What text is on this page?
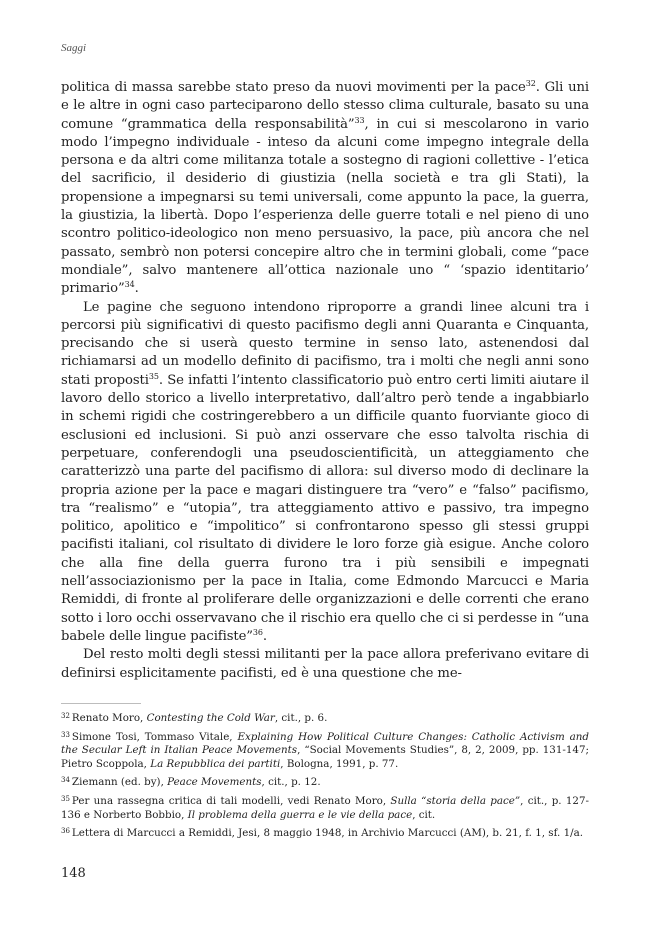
Saggi

politica di massa sarebbe stato preso da nuovi movimenti per la pace$^{32}$. Gli uni e le altre in ogni caso parteciparono dello stesso clima culturale, basato su una comune “grammatica della responsabilità”$^{33}$, in cui si mescolarono in vario modo l’impegno individuale - inteso da alcuni come impegno integrale della persona e da altri come militanza totale a sostegno di ragioni collettive - l’etica del sacrificio, il desiderio di giustizia (nella società e tra gli Stati), la propensione a impegnarsi su temi universali, come appunto la pace, la guerra, la giustizia, la libertà. Dopo l’esperienza delle guerre totali e nel pieno di uno scontro politico-ideologico non meno persuasivo, la pace, più ancora che nel passato, sembrò non potersi concepire altro che in termini globali, come “pace mondiale”, salvo mantenere all’ottica nazionale uno “ ‘spazio identitario’ primario”$^{34}$.

Le pagine che seguono intendono riproporre a grandi linee alcuni tra i percorsi più significativi di questo pacifismo degli anni Quaranta e Cinquanta, precisando che si userà questo termine in senso lato, astenendosi dal richiamarsi ad un modello definito di pacifismo, tra i molti che negli anni sono stati proposti$^{35}$. Se infatti l’intento classificatorio può entro certi limiti aiutare il lavoro dello storico a livello interpretativo, dall’altro però tende a ingabbiarlo in schemi rigidi che costringerebbero a un difficile quanto fuorviante gioco di esclusioni ed inclusioni. Si può anzi osservare che esso talvolta rischia di perpetuare, conferendogli una pseudoscientificità, un atteggiamento che caratterizzò una parte del pacifismo di allora: sul diverso modo di declinare la propria azione per la pace e magari distinguere tra “vero” e “falso” pacifismo, tra “realismo” e “utopia”, tra atteggiamento attivo e passivo, tra impegno politico, apolitico e “impolitico” si confrontarono spesso gli stessi gruppi pacifisti italiani, col risultato di dividere le loro forze già esigue. Anche coloro che alla fine della guerra furono tra i più sensibili e impegnati nell’associazionismo per la pace in Italia, come Edmondo Marcucci e Maria Remiddi, di fronte al proliferare delle organizzazioni e delle correnti che erano sotto i loro occhi osservavano che il rischio era quello che ci si perdesse in “una babele delle lingue pacifiste”$^{36}$.

Del resto molti degli stessi militanti per la pace allora preferivano evitare di definirsi esplicitamente pacifisti, ed è una questione che me-

$^{32}$ Renato Moro, Contesting the Cold War, cit., p. 6.
$^{33}$ Simone Tosi, Tommaso Vitale, Explaining How Political Culture Changes: Catholic Activism and the Secular Left in Italian Peace Movements, “Social Movements Studies”, 8, 2, 2009, pp. 131-147; Pietro Scoppola, La Repubblica dei partiti, Bologna, 1991, p. 77.
$^{34}$ Ziemann (ed. by), Peace Movements, cit., p. 12.
$^{35}$ Per una rassegna critica di tali modelli, vedi Renato Moro, Sulla “storia della pace”, cit., p. 127-136 e Norberto Bobbio, Il problema della guerra e le vie della pace, cit.
$^{36}$ Lettera di Marcucci a Remiddi, Jesi, 8 maggio 1948, in Archivio Marcucci (AM), b. 21, f. 1, sf. 1/a.
148
